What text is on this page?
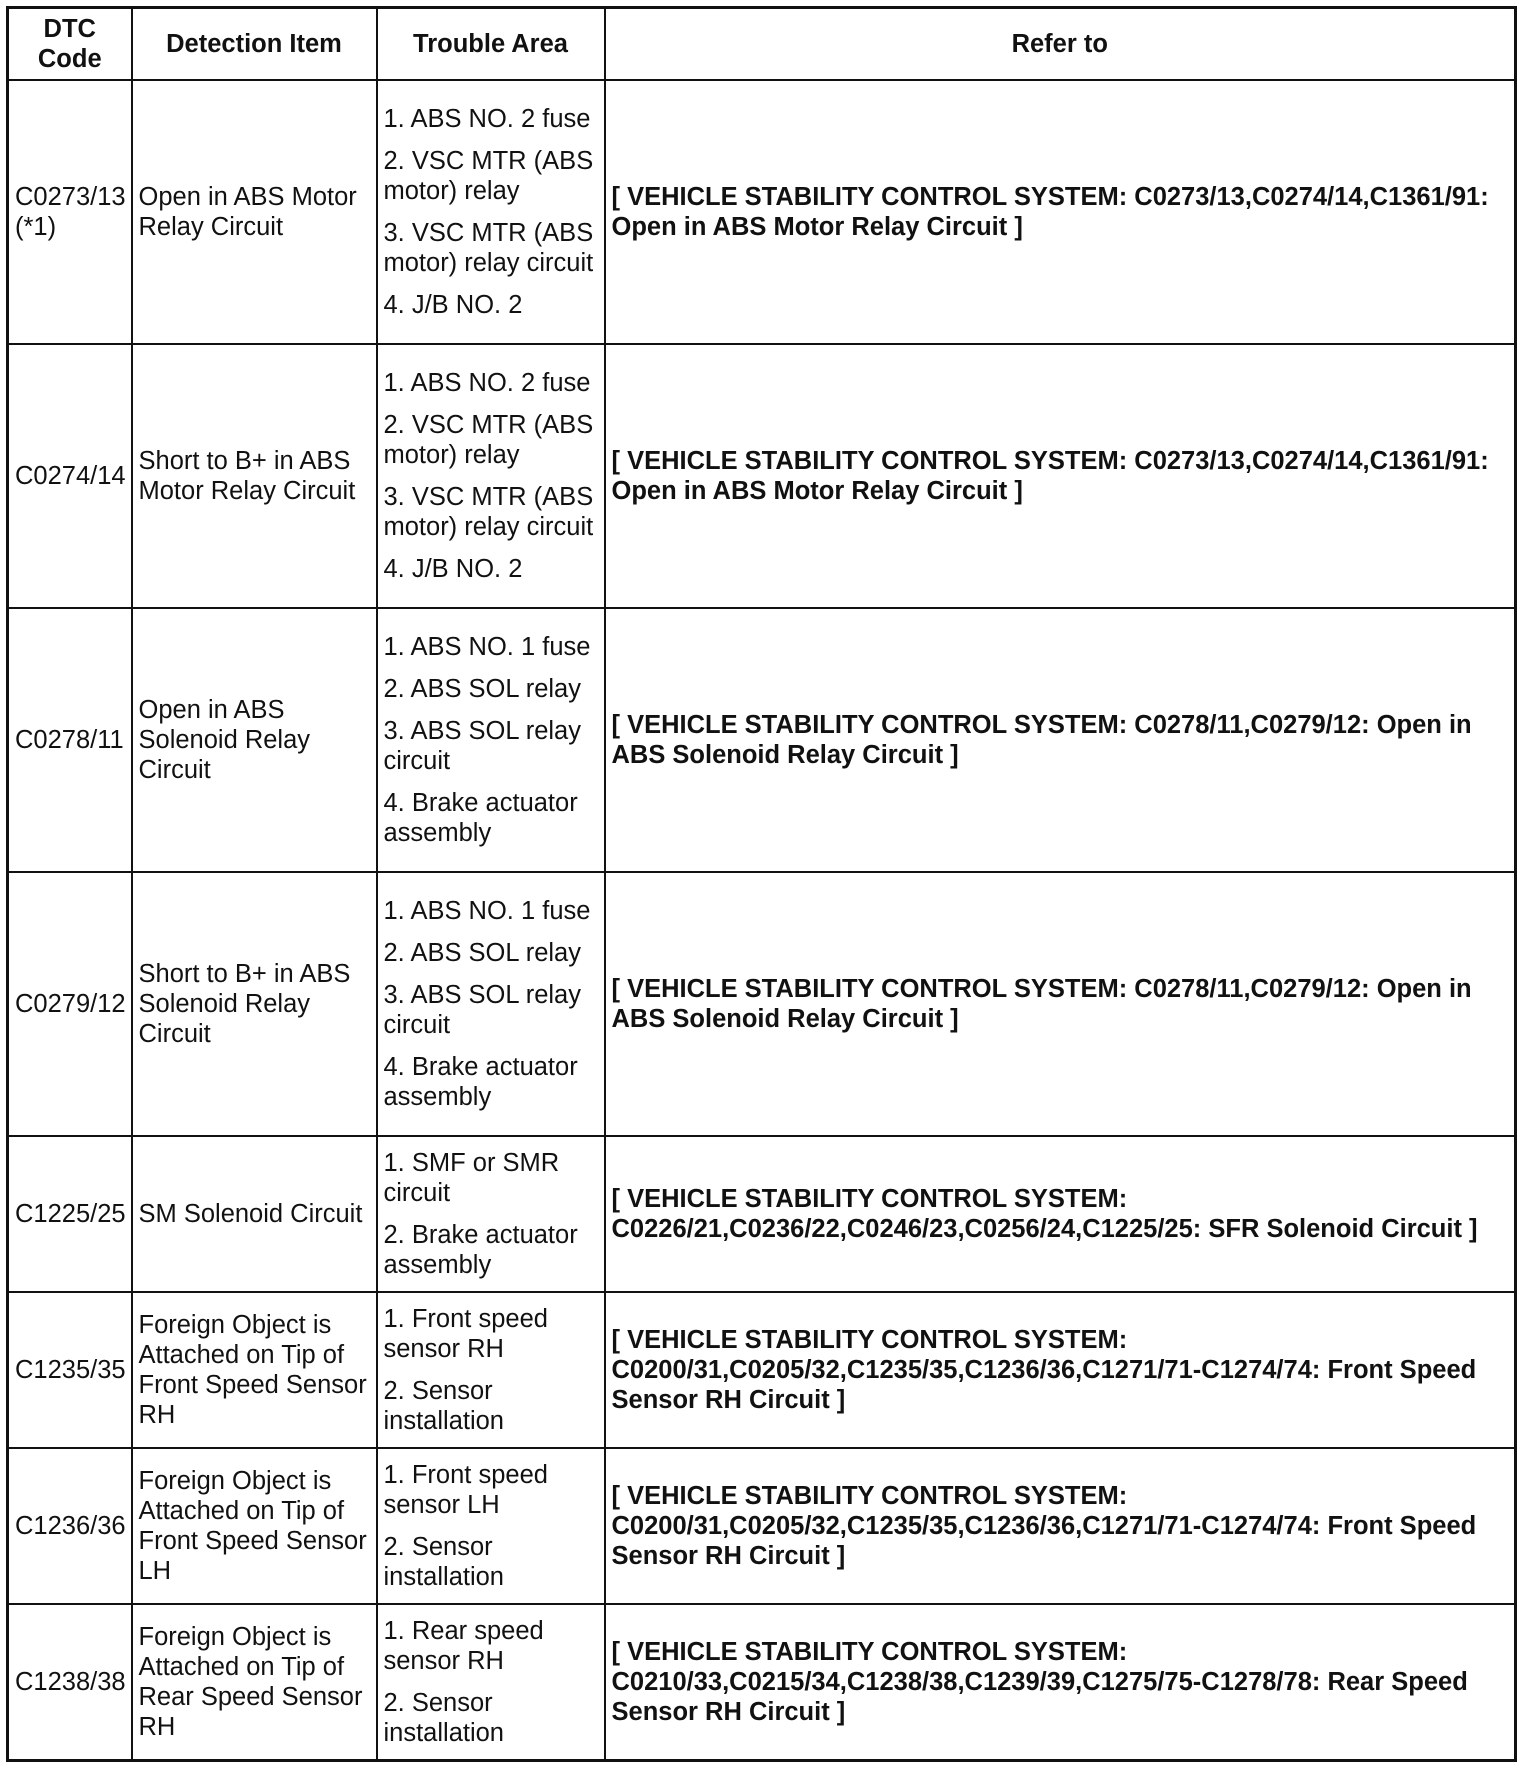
DTC Code	Detection Item	Trouble Area	Refer to
C0273/13 (*1)	Open in ABS Motor Relay Circuit	1. ABS NO. 2 fuse
2. VSC MTR (ABS motor) relay
3. VSC MTR (ABS motor) relay circuit
4. J/B NO. 2	[ VEHICLE STABILITY CONTROL SYSTEM: C0273/13,C0274/14,C1361/91: Open in ABS Motor Relay Circuit ]
C0274/14	Short to B+ in ABS Motor Relay Circuit	1. ABS NO. 2 fuse
2. VSC MTR (ABS motor) relay
3. VSC MTR (ABS motor) relay circuit
4. J/B NO. 2	[ VEHICLE STABILITY CONTROL SYSTEM: C0273/13,C0274/14,C1361/91: Open in ABS Motor Relay Circuit ]
C0278/11	Open in ABS Solenoid Relay Circuit	1. ABS NO. 1 fuse
2. ABS SOL relay
3. ABS SOL relay circuit
4. Brake actuator assembly	[ VEHICLE STABILITY CONTROL SYSTEM: C0278/11,C0279/12: Open in ABS Solenoid Relay Circuit ]
C0279/12	Short to B+ in ABS Solenoid Relay Circuit	1. ABS NO. 1 fuse
2. ABS SOL relay
3. ABS SOL relay circuit
4. Brake actuator assembly	[ VEHICLE STABILITY CONTROL SYSTEM: C0278/11,C0279/12: Open in ABS Solenoid Relay Circuit ]
C1225/25	SM Solenoid Circuit	1. SMF or SMR circuit
2. Brake actuator assembly	[ VEHICLE STABILITY CONTROL SYSTEM: C0226/21,C0236/22,C0246/23,C0256/24,C1225/25: SFR Solenoid Circuit ]
C1235/35	Foreign Object is Attached on Tip of Front Speed Sensor RH	1. Front speed sensor RH
2. Sensor installation	[ VEHICLE STABILITY CONTROL SYSTEM: C0200/31,C0205/32,C1235/35,C1236/36,C1271/71-C1274/74: Front Speed Sensor RH Circuit ]
C1236/36	Foreign Object is Attached on Tip of Front Speed Sensor LH	1. Front speed sensor LH
2. Sensor installation	[ VEHICLE STABILITY CONTROL SYSTEM: C0200/31,C0205/32,C1235/35,C1236/36,C1271/71-C1274/74: Front Speed Sensor RH Circuit ]
C1238/38	Foreign Object is Attached on Tip of Rear Speed Sensor RH	1. Rear speed sensor RH
2. Sensor installation	[ VEHICLE STABILITY CONTROL SYSTEM: C0210/33,C0215/34,C1238/38,C1239/39,C1275/75-C1278/78: Rear Speed Sensor RH Circuit ]
